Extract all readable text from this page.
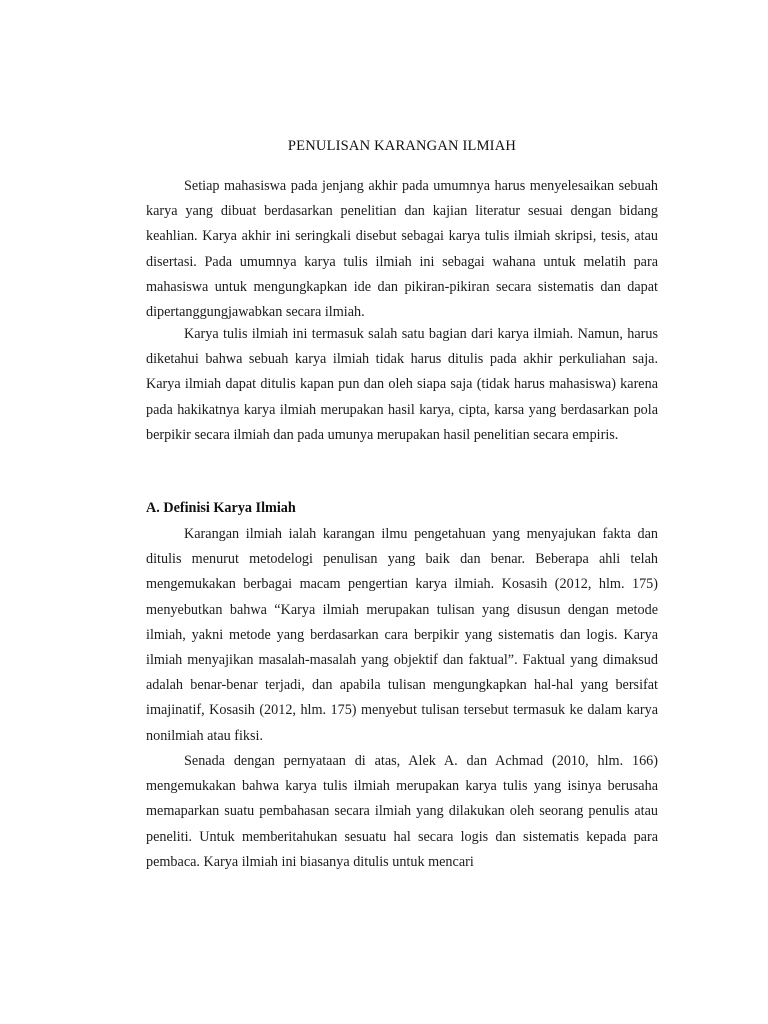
PENULISAN KARANGAN ILMIAH

Setiap mahasiswa pada jenjang akhir pada umumnya harus menyelesaikan sebuah karya yang dibuat berdasarkan penelitian dan kajian literatur sesuai dengan bidang keahlian. Karya akhir ini seringkali disebut sebagai karya tulis ilmiah skripsi, tesis, atau disertasi. Pada umumnya karya tulis ilmiah ini sebagai wahana untuk melatih para mahasiswa untuk mengungkapkan ide dan pikiran-pikiran secara sistematis dan dapat dipertanggungjawabkan secara ilmiah.

Karya tulis ilmiah ini termasuk salah satu bagian dari karya ilmiah. Namun, harus diketahui bahwa sebuah karya ilmiah tidak harus ditulis pada akhir perkuliahan saja. Karya ilmiah dapat ditulis kapan pun dan oleh siapa saja (tidak harus mahasiswa) karena pada hakikatnya karya ilmiah merupakan hasil karya, cipta, karsa yang berdasarkan pola berpikir secara ilmiah dan pada umunya merupakan hasil penelitian secara empiris.

A. Definisi Karya Ilmiah

Karangan ilmiah ialah karangan ilmu pengetahuan yang menyajukan fakta dan ditulis menurut metodelogi penulisan yang baik dan benar. Beberapa ahli telah mengemukakan berbagai macam pengertian karya ilmiah. Kosasih (2012, hlm. 175) menyebutkan bahwa “Karya ilmiah merupakan tulisan yang disusun dengan metode ilmiah, yakni metode yang berdasarkan cara berpikir yang sistematis dan logis. Karya ilmiah menyajikan masalah-masalah yang objektif dan faktual”. Faktual yang dimaksud adalah benar-benar terjadi, dan apabila tulisan mengungkapkan hal-hal yang bersifat imajinatif, Kosasih (2012, hlm. 175) menyebut tulisan tersebut termasuk ke dalam karya nonilmiah atau fiksi.

Senada dengan pernyataan di atas, Alek A. dan Achmad (2010, hlm. 166) mengemukakan bahwa karya tulis ilmiah merupakan karya tulis yang isinya berusaha memaparkan suatu pembahasan secara ilmiah yang dilakukan oleh seorang penulis atau peneliti. Untuk memberitahukan sesuatu hal secara logis dan sistematis kepada para pembaca. Karya ilmiah ini biasanya ditulis untuk mencari
